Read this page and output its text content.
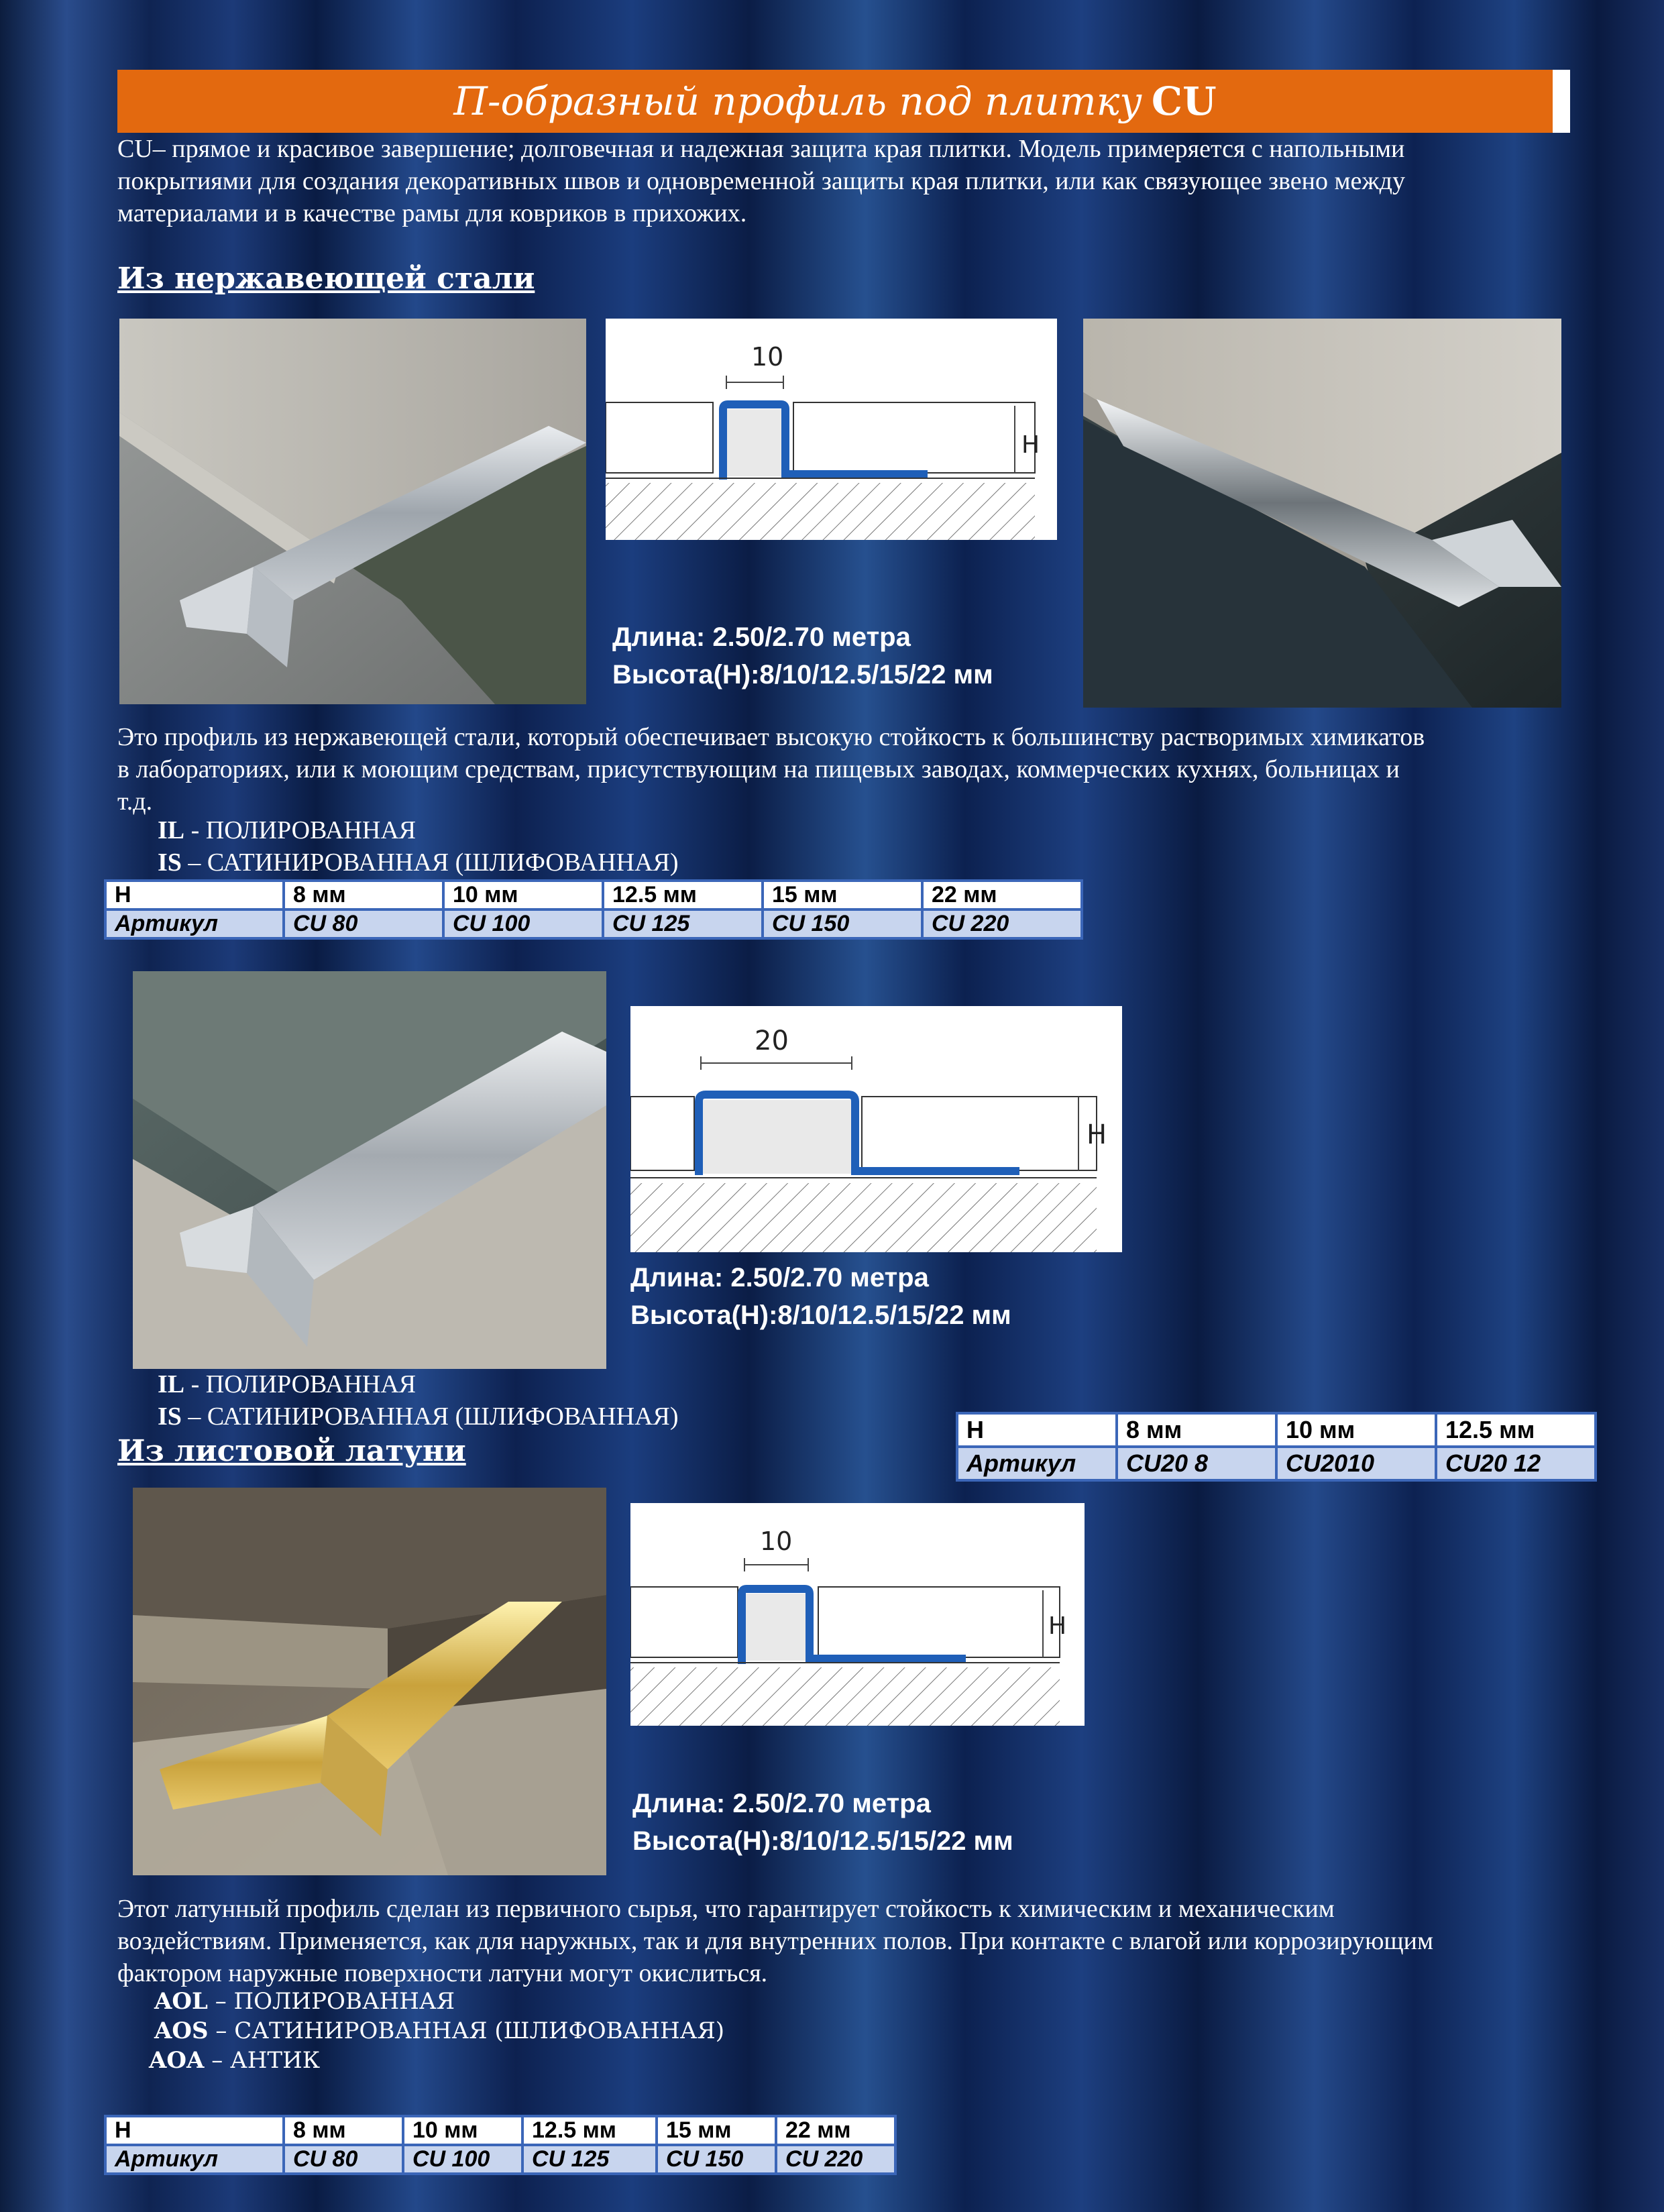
П-образный профиль под плитку CU
CU– прямое и красивое завершение; долговечная и надежная защита края плитки. Модель примеряется с напольными
покрытиями для создания декоративных швов и одновременной защиты края плитки, или как связующее звено между
материалами и в качестве рамы для ковриков в прихожих.
Из нержавеющей стали
10
H
Длина: 2.50/2.70 метра
Высота(Н):8/10/12.5/15/22 мм
Это профиль из нержавеющей стали, который обеспечивает высокую стойкость к большинству растворимых химикатов
в лабораториях, или к моющим средствам, присутствующим на пищевых заводах, коммерческих кухнях, больницах и
т.д.
IL - ПОЛИРОВАННАЯ
IS – САТИНИРОВАННАЯ (ШЛИФОВАННАЯ)
H	8 мм	10 мм	12.5 мм	15 мм	22 мм
Артикул	CU 80	CU 100	CU 125	CU 150	CU 220
20
H
Длина: 2.50/2.70 метра
Высота(Н):8/10/12.5/15/22 мм
IL - ПОЛИРОВАННАЯ
IS – САТИНИРОВАННАЯ (ШЛИФОВАННАЯ)	H	8 мм	10 мм	12.5 мм
Артикул	CU20 8	CU2010	CU20 12
Из листовой латуни
10
H
Длина: 2.50/2.70 метра
Высота(Н):8/10/12.5/15/22 мм
Этот латунный профиль сделан из первичного сырья, что гарантирует стойкость к химическим и механическим
воздействиям. Применяется, как для наружных, так и для внутренних полов. При контакте с влагой или коррозирующим
фактором наружные поверхности латуни могут окислиться.
AOL – ПОЛИРОВАННАЯ
AOS – САТИНИРОВАННАЯ (ШЛИФОВАННАЯ)
AOA – АНТИК
H	8 мм	10 мм	12.5 мм	15 мм	22 мм
Артикул	CU 80	CU 100	CU 125	CU 150	CU 220
